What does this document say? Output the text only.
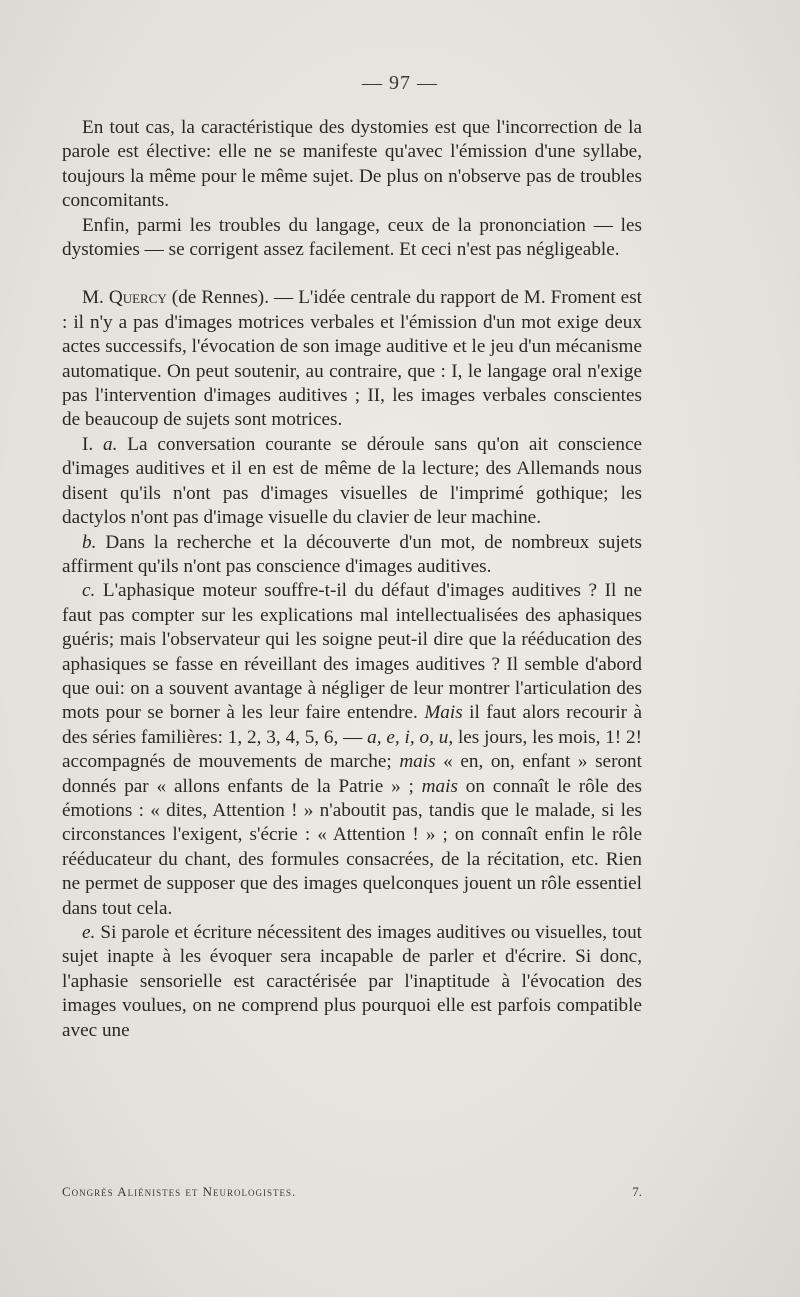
— 97 —

En tout cas, la caractéristique des dystomies est que l'incorrection de la parole est élective: elle ne se manifeste qu'avec l'émission d'une syllabe, toujours la même pour le même sujet. De plus on n'observe pas de troubles concomitants.

Enfin, parmi les troubles du langage, ceux de la prononciation — les dystomies — se corrigent assez facilement. Et ceci n'est pas négligeable.

M. Quercy (de Rennes). — L'idée centrale du rapport de M. Froment est : il n'y a pas d'images motrices verbales et l'émission d'un mot exige deux actes successifs, l'évocation de son image auditive et le jeu d'un mécanisme automatique. On peut soutenir, au contraire, que : I, le langage oral n'exige pas l'intervention d'images auditives ; II, les images verbales conscientes de beaucoup de sujets sont motrices.

I. a. La conversation courante se déroule sans qu'on ait conscience d'images auditives et il en est de même de la lecture; des Allemands nous disent qu'ils n'ont pas d'images visuelles de l'imprimé gothique; les dactylos n'ont pas d'image visuelle du clavier de leur machine.

b. Dans la recherche et la découverte d'un mot, de nombreux sujets affirment qu'ils n'ont pas conscience d'images auditives.

c. L'aphasique moteur souffre-t-il du défaut d'images auditives ? Il ne faut pas compter sur les explications mal intellectualisées des aphasiques guéris; mais l'observateur qui les soigne peut-il dire que la rééducation des aphasiques se fasse en réveillant des images auditives ? Il semble d'abord que oui: on a souvent avantage à négliger de leur montrer l'articulation des mots pour se borner à les leur faire entendre. Mais il faut alors recourir à des séries familières: 1, 2, 3, 4, 5, 6, — a, e, i, o, u, les jours, les mois, 1! 2! accompagnés de mouvements de marche; mais « en, on, enfant » seront donnés par « allons enfants de la Patrie » ; mais on connaît le rôle des émotions : « dites, Attention ! » n'aboutit pas, tandis que le malade, si les circonstances l'exigent, s'écrie : « Attention ! » ; on connaît enfin le rôle rééducateur du chant, des formules consacrées, de la récitation, etc. Rien ne permet de supposer que des images quelconques jouent un rôle essentiel dans tout cela.

e. Si parole et écriture nécessitent des images auditives ou visuelles, tout sujet inapte à les évoquer sera incapable de parler et d'écrire. Si donc, l'aphasie sensorielle est caractérisée par l'inaptitude à l'évocation des images voulues, on ne comprend plus pourquoi elle est parfois compatible avec une

Congrès Aliénistes et Neurologistes.	7.
